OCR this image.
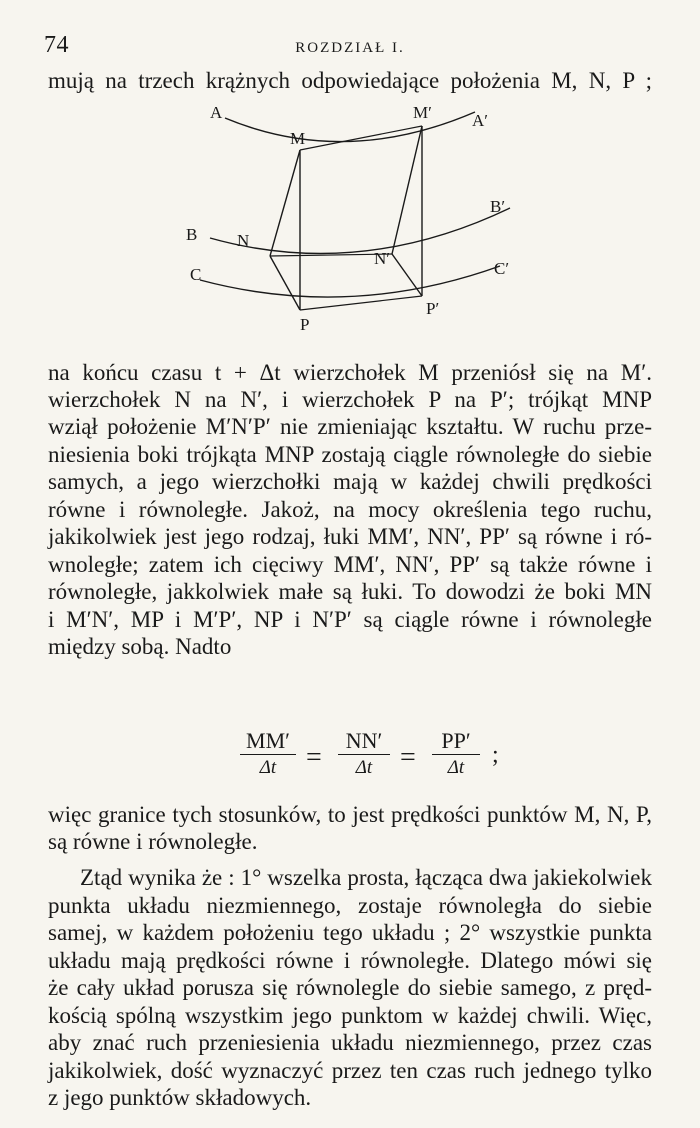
74	ROZDZIAŁ I.
mują na trzech krążnych odpowiedające położenia M, N, P ;
A
M
M′ A′
B N
N′
B′
C	C′
P
P′
na końcu czasu t + Δt wierzchołek M przeniósł się na M′.
wierzchołek N na N′, i wierzchołek P na P′; trójkąt MNP
wziął położenie M′N′P′ nie zmieniając kształtu. W ruchu prze-
niesienia boki trójkąta MNP zostają ciągle równoległe do siebie
samych, a jego wierzchołki mają w każdej chwili prędkości
równe i równoległe. Jakoż, na mocy określenia tego ruchu,
jakikolwiek jest jego rodzaj, łuki MM′, NN′, PP′ są równe i ró-
wnoległe; zatem ich cięciwy MM′, NN′, PP′ są także równe i
równoległe, jakkolwiek małe są łuki. To dowodzi że boki MN
i M′N′, MP i M′P′, NP i N′P′ są ciągle równe i równoległe
między sobą. Nadto
$\frac{MM'}{\Delta t} = \frac{NN'}{\Delta t} = \frac{PP'}{\Delta t}$ ;
więc granice tych stosunków, to jest prędkości punktów M, N, P,
są równe i równoległe.
Ztąd wynika że : 1° wszelka prosta, łącząca dwa jakiekolwiek
punkta układu niezmiennego, zostaje równoległa do siebie
samej, w każdem położeniu tego układu ; 2° wszystkie punkta
układu mają prędkości równe i równoległe. Dlatego mówi się
że cały układ porusza się równolegle do siebie samego, z pręd-
kością spólną wszystkim jego punktom w każdej chwili. Więc,
aby znać ruch przeniesienia układu niezmiennego, przez czas
jakikolwiek, dość wyznaczyć przez ten czas ruch jednego tylko
z jego punktów składowych.
